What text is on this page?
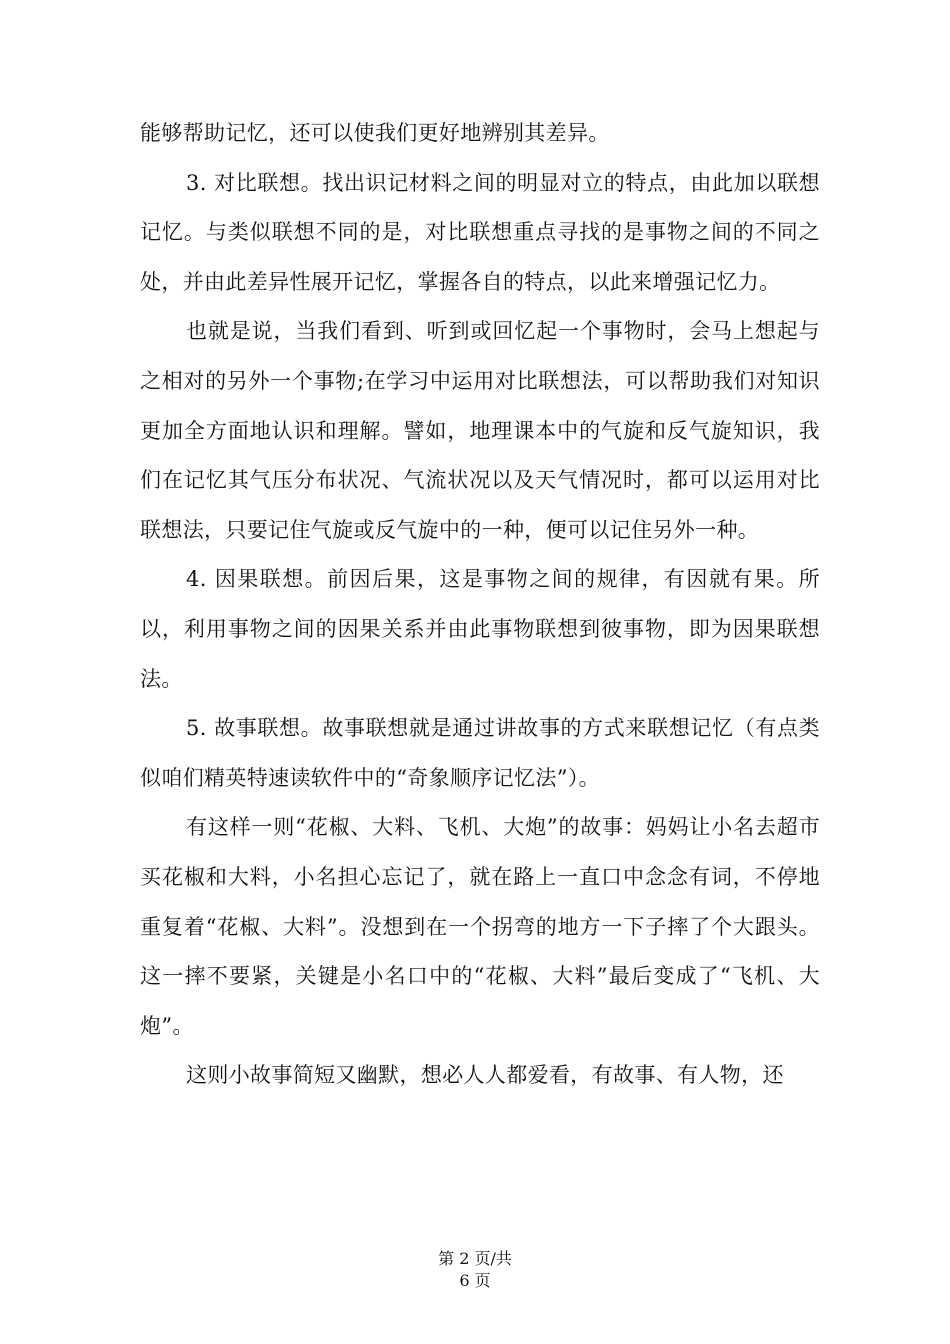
能够帮助记忆，还可以使我们更好地辨别其差异。

3. 对比联想。找出识记材料之间的明显对立的特点，由此加以联想记忆。与类似联想不同的是，对比联想重点寻找的是事物之间的不同之处，并由此差异性展开记忆，掌握各自的特点，以此来增强记忆力。

也就是说，当我们看到、听到或回忆起一个事物时，会马上想起与之相对的另外一个事物;在学习中运用对比联想法，可以帮助我们对知识更加全方面地认识和理解。譬如，地理课本中的气旋和反气旋知识，我们在记忆其气压分布状况、气流状况以及天气情况时，都可以运用对比联想法，只要记住气旋或反气旋中的一种，便可以记住另外一种。

4. 因果联想。前因后果，这是事物之间的规律，有因就有果。所以，利用事物之间的因果关系并由此事物联想到彼事物，即为因果联想法。

5. 故事联想。故事联想就是通过讲故事的方式来联想记忆（有点类似咱们精英特速读软件中的“奇象顺序记忆法”）。

有这样一则“花椒、大料、飞机、大炮”的故事：妈妈让小名去超市买花椒和大料，小名担心忘记了，就在路上一直口中念念有词，不停地重复着“花椒、大料”。没想到在一个拐弯的地方一下子摔了个大跟头。这一摔不要紧，关键是小名口中的“花椒、大料”最后变成了“飞机、大炮”。

这则小故事简短又幽默，想必人人都爱看，有故事、有人物，还

第 2 页/共
6 页
